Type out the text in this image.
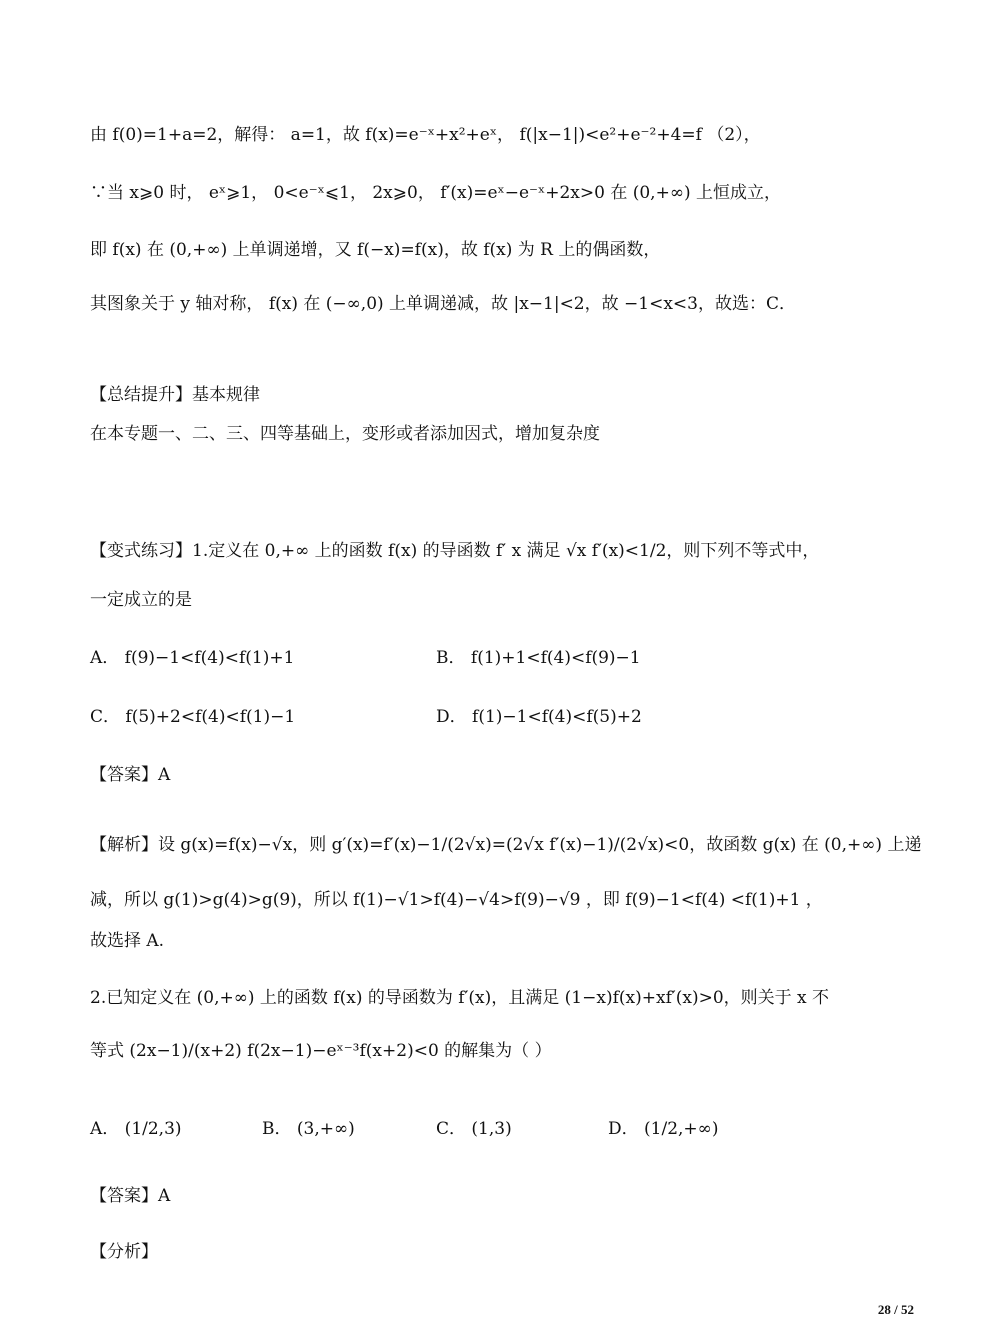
由 f(0)=1+a=2，解得： a=1，故 f(x)=e⁻ˣ+x²+eˣ， f(|x−1|)<e²+e⁻²+4=f （2），
∵当 x⩾0 时， eˣ⩾1， 0<e⁻ˣ⩽1， 2x⩾0， f′(x)=eˣ−e⁻ˣ+2x>0 在 (0,+∞) 上恒成立，
即 f(x) 在 (0,+∞) 上单调递增，又 f(−x)=f(x)，故 f(x) 为 R 上的偶函数，
其图象关于 y 轴对称， f(x) 在 (−∞,0) 上单调递减，故 |x−1|<2，故 −1<x<3，故选：C．
【总结提升】基本规律
在本专题一、二、三、四等基础上，变形或者添加因式，增加复杂度
【变式练习】1.定义在 0,+∞ 上的函数 f(x) 的导函数 f′ x 满足 √x f′(x)<1/2，则下列不等式中，
一定成立的是
A． f(9)−1<f(4)<f(1)+1	B． f(1)+1<f(4)<f(9)−1
C． f(5)+2<f(4)<f(1)−1	D． f(1)−1<f(4)<f(5)+2
【答案】A
【解析】设 g(x)=f(x)−√x，则 g′(x)=f′(x)−1/(2√x)=(2√x f′(x)−1)/(2√x)<0，故函数 g(x) 在 (0,+∞) 上递
减，所以 g(1)>g(4)>g(9)，所以 f(1)−√1>f(4)−√4>f(9)−√9 ，即 f(9)−1<f(4) <f(1)+1 ，
故选择 A.
2.已知定义在 (0,+∞) 上的函数 f(x) 的导函数为 f′(x)，且满足 (1−x)f(x)+xf′(x)>0，则关于 x 不
等式 (2x−1)/(x+2) f(2x−1)−eˣ⁻³f(x+2)<0 的解集为（ ）
A． (1/2,3)	B． (3,+∞)	C． (1,3)	D． (1/2,+∞)
【答案】A
【分析】
28 / 52
